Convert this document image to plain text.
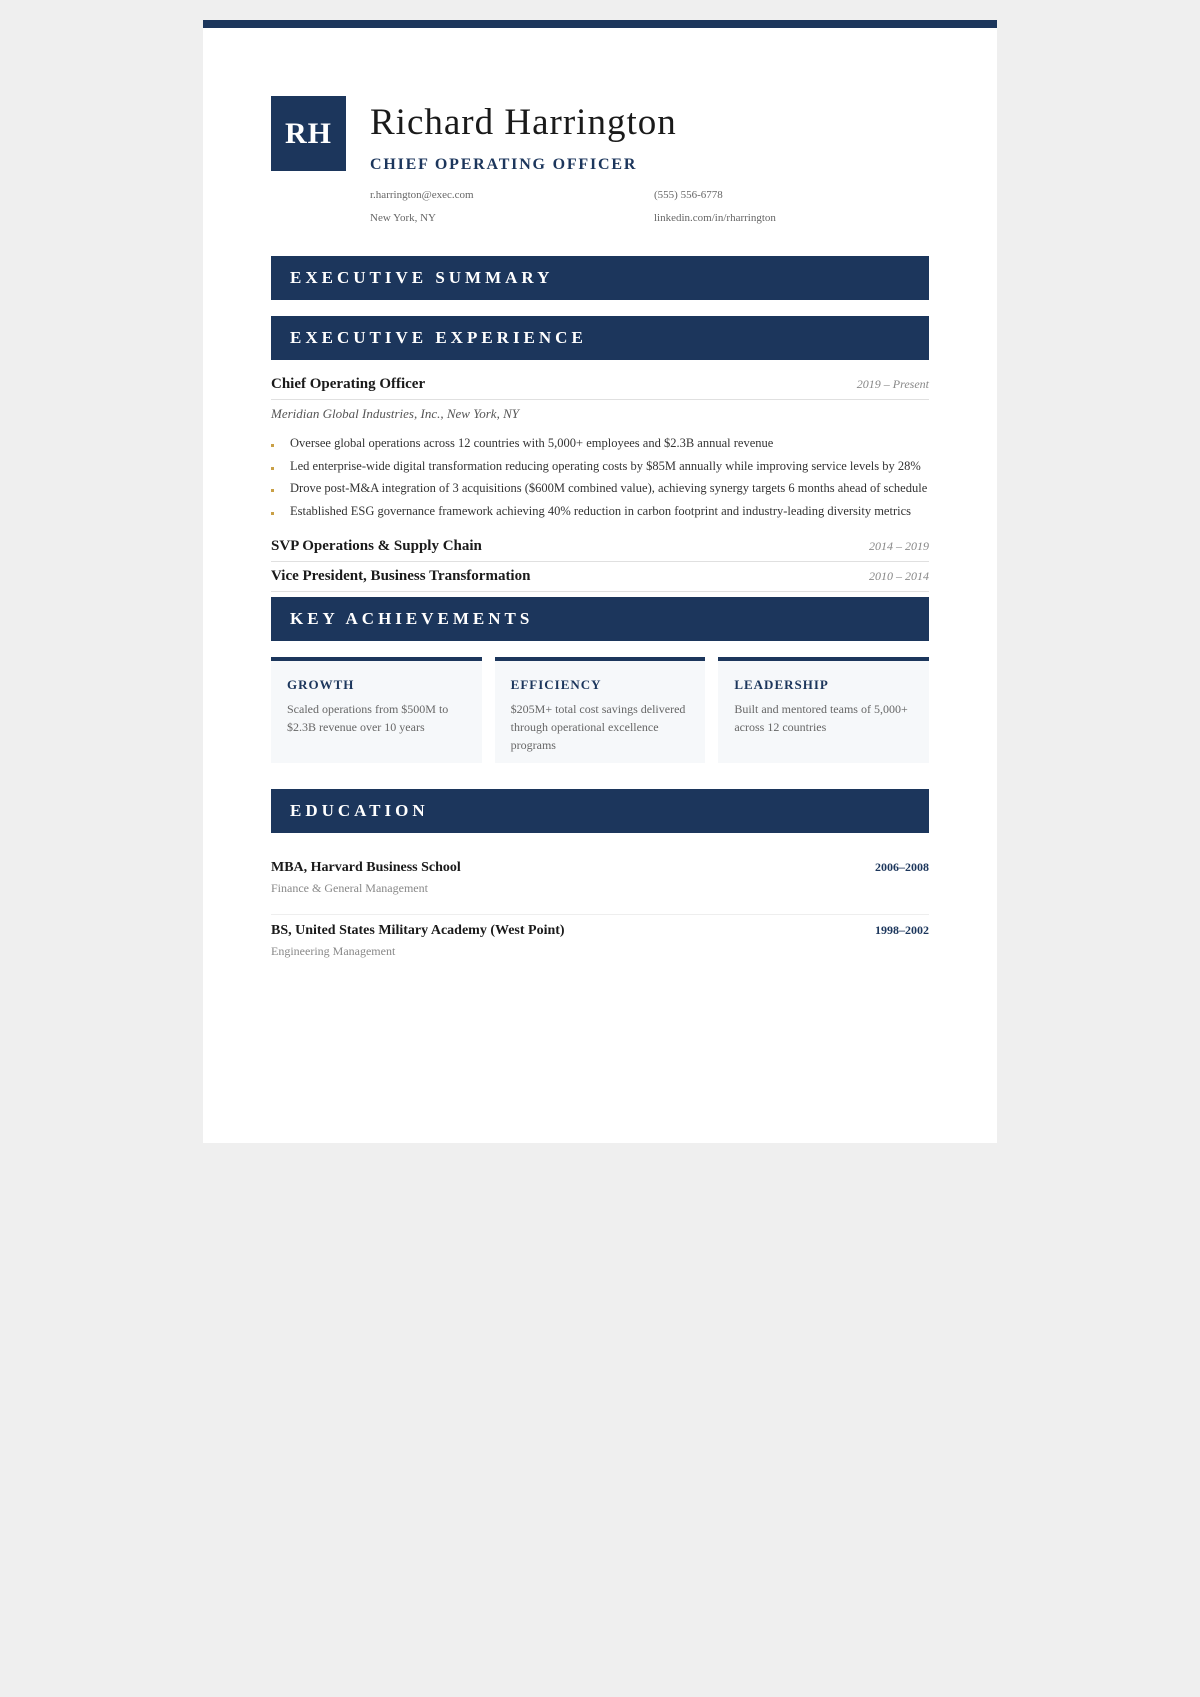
RH	Richard Harrington
CHIEF OPERATING OFFICER
r.harrington@exec.com	(555) 556-6778
New York, NY	linkedin.com/in/rharrington
EXECUTIVE SUMMARY
EXECUTIVE EXPERIENCE
Chief Operating Officer	2019 – Present
Meridian Global Industries, Inc., New York, NY
Oversee global operations across 12 countries with 5,000+ employees and $2.3B annual revenue
Led enterprise-wide digital transformation reducing operating costs by $85M annually while improving service levels by 28%
Drove post-M&A integration of 3 acquisitions ($600M combined value), achieving synergy targets 6 months ahead of schedule
Established ESG governance framework achieving 40% reduction in carbon footprint and industry-leading diversity metrics
SVP Operations & Supply Chain	2014 – 2019
Vice President, Business Transformation	2010 – 2014
KEY ACHIEVEMENTS
GROWTH
Scaled operations from $500M to $2.3B revenue over 10 years
EFFICIENCY
$205M+ total cost savings delivered through operational excellence programs
LEADERSHIP
Built and mentored teams of 5,000+ across 12 countries
EDUCATION
MBA, Harvard Business School	2006–2008
Finance & General Management
BS, United States Military Academy (West Point)	1998–2002
Engineering Management
